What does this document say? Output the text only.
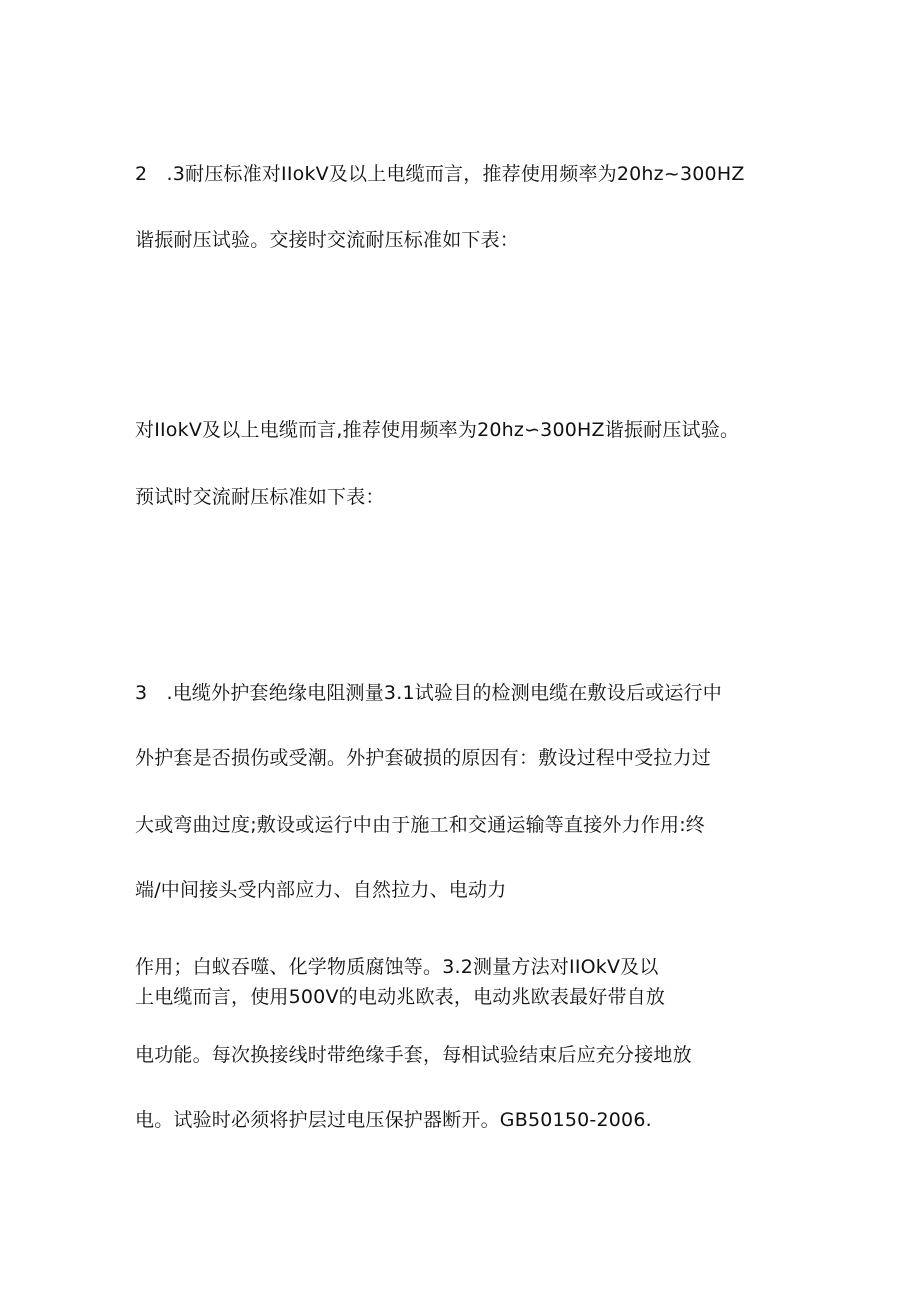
2　.3耐压标准对IIokV及以上电缆而言，推荐使用频率为20hz~300HZ
谐振耐压试验。交接时交流耐压标准如下表：
对IIokV及以上电缆而言,推荐使用频率为20hz∽300HZ谐振耐压试验。
预试时交流耐压标准如下表：
3　.电缆外护套绝缘电阻测量3.1试验目的检测电缆在敷设后或运行中
外护套是否损伤或受潮。外护套破损的原因有：敷设过程中受拉力过
大或弯曲过度;敷设或运行中由于施工和交通运输等直接外力作用:终
端/中间接头受内部应力、自然拉力、电动力
作用；白蚁吞噬、化学物质腐蚀等。3.2测量方法对IIOkV及以
上电缆而言，使用500V的电动兆欧表，电动兆欧表最好带自放
电功能。每次换接线时带绝缘手套，每相试验结束后应充分接地放
电。试验时必须将护层过电压保护器断开。GB50150-2006.
